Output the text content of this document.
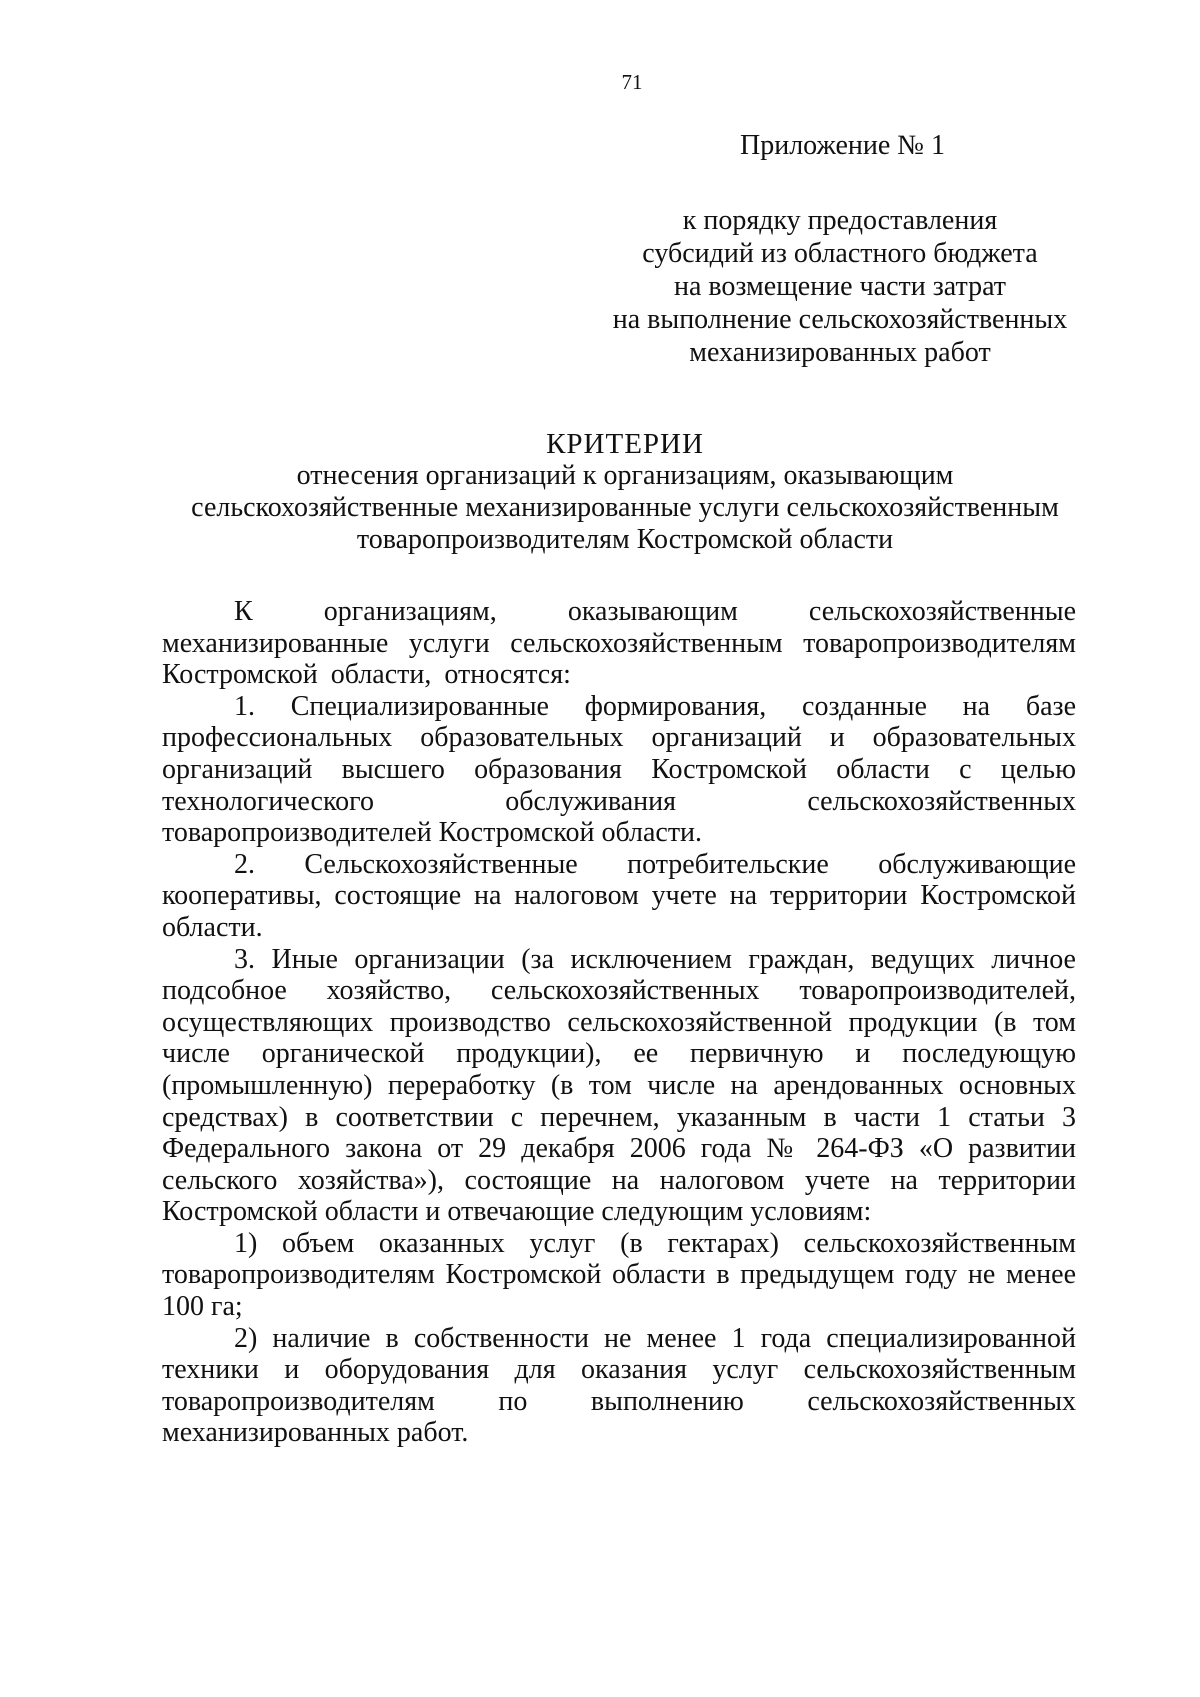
71
Приложение № 1
к порядку предоставления
субсидий из областного бюджета
на возмещение части затрат
на выполнение сельскохозяйственных
механизированных работ
КРИТЕРИИ
отнесения организаций к организациям, оказывающим
сельскохозяйственные механизированные услуги сельскохозяйственным
товаропроизводителям Костромской области

К организациям, оказывающим сельскохозяйственные механизированные услуги сельскохозяйственным товаропроизводителям Костромской области, относятся:

1. Специализированные формирования, созданные на базе профессиональных образовательных организаций и образовательных организаций высшего образования Костромской области с целью технологического обслуживания сельскохозяйственных товаропроизводителей Костромской области.

2. Сельскохозяйственные потребительские обслуживающие кооперативы, состоящие на налоговом учете на территории Костромской области.

3. Иные организации (за исключением граждан, ведущих личное подсобное хозяйство, сельскохозяйственных товаропроизводителей, осуществляющих производство сельскохозяйственной продукции (в том числе органической продукции), ее первичную и последующую (промышленную) переработку (в том числе на арендованных основных средствах) в соответствии с перечнем, указанным в части 1 статьи 3 Федерального закона от 29 декабря 2006 года № 264-ФЗ «О развитии сельского хозяйства»), состоящие на налоговом учете на территории Костромской области и отвечающие следующим условиям:

1) объем оказанных услуг (в гектарах) сельскохозяйственным товаропроизводителям Костромской области в предыдущем году не менее 100 га;

2) наличие в собственности не менее 1 года специализированной техники и оборудования для оказания услуг сельскохозяйственным товаропроизводителям по выполнению сельскохозяйственных механизированных работ.
